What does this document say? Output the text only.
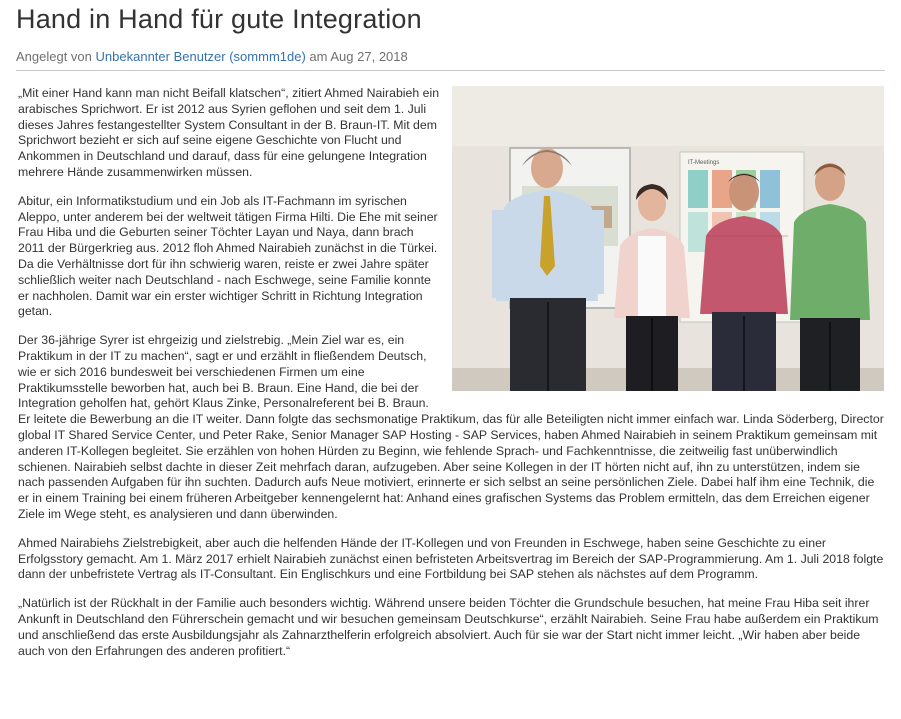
Hand in Hand für gute Integration
Angelegt von Unbekannter Benutzer (sommm1de) am Aug 27, 2018
IT-Meetings

„Mit einer Hand kann man nicht Beifall klatschen“, zitiert Ahmed Nairabieh ein arabisches Sprichwort. Er ist 2012 aus Syrien geflohen und seit dem 1. Juli dieses Jahres festangestellter System Consultant in der B. Braun-IT. Mit dem Sprichwort bezieht er sich auf seine eigene Geschichte von Flucht und Ankommen in Deutschland und darauf, dass für eine gelungene Integration mehrere Hände zusammenwirken müssen.

Abitur, ein Informatikstudium und ein Job als IT-Fachmann im syrischen Aleppo, unter anderem bei der weltweit tätigen Firma Hilti. Die Ehe mit seiner Frau Hiba und die Geburten seiner Töchter Layan und Naya, dann brach 2011 der Bürgerkrieg aus. 2012 floh Ahmed Nairabieh zunächst in die Türkei. Da die Verhältnisse dort für ihn schwierig waren, reiste er zwei Jahre später schließlich weiter nach Deutschland - nach Eschwege, seine Familie konnte er nachholen. Damit war ein erster wichtiger Schritt in Richtung Integration getan.

Der 36-jährige Syrer ist ehrgeizig und zielstrebig. „Mein Ziel war es, ein Praktikum in der IT zu machen“, sagt er und erzählt in fließendem Deutsch, wie er sich 2016 bundesweit bei verschiedenen Firmen um eine Praktikumsstelle beworben hat, auch bei B. Braun. Eine Hand, die bei der Integration geholfen hat, gehört Klaus Zinke, Personalreferent bei B. Braun. Er leitete die Bewerbung an die IT weiter. Dann folgte das sechsmonatige Praktikum, das für alle Beteiligten nicht immer einfach war. Linda Söderberg, Director global IT Shared Service Center, und Peter Rake, Senior Manager SAP Hosting - SAP Services, haben Ahmed Nairabieh in seinem Praktikum gemeinsam mit anderen IT-Kollegen begleitet. Sie erzählen von hohen Hürden zu Beginn, wie fehlende Sprach- und Fachkenntnisse, die zeitweilig fast unüberwindlich schienen. Nairabieh selbst dachte in dieser Zeit mehrfach daran, aufzugeben. Aber seine Kollegen in der IT hörten nicht auf, ihn zu unterstützen, indem sie nach passenden Aufgaben für ihn suchten. Dadurch aufs Neue motiviert, erinnerte er sich selbst an seine persönlichen Ziele. Dabei half ihm eine Technik, die er in einem Training bei einem früheren Arbeitgeber kennengelernt hat: Anhand eines grafischen Systems das Problem ermitteln, das dem Erreichen eigener Ziele im Wege steht, es analysieren und dann überwinden.

Ahmed Nairabiehs Zielstrebigkeit, aber auch die helfenden Hände der IT-Kollegen und von Freunden in Eschwege, haben seine Geschichte zu einer Erfolgsstory gemacht. Am 1. März 2017 erhielt Nairabieh zunächst einen befristeten Arbeitsvertrag im Bereich der SAP-Programmierung. Am 1. Juli 2018 folgte dann der unbefristete Vertrag als IT-Consultant. Ein Englischkurs und eine Fortbildung bei SAP stehen als nächstes auf dem Programm.

„Natürlich ist der Rückhalt in der Familie auch besonders wichtig. Während unsere beiden Töchter die Grundschule besuchen, hat meine Frau Hiba seit ihrer Ankunft in Deutschland den Führerschein gemacht und wir besuchen gemeinsam Deutschkurse“, erzählt Nairabieh. Seine Frau habe außerdem ein Praktikum und anschließend das erste Ausbildungsjahr als Zahnarzthelferin erfolgreich absolviert. Auch für sie war der Start nicht immer leicht. „Wir haben aber beide auch von den Erfahrungen des anderen profitiert.“
